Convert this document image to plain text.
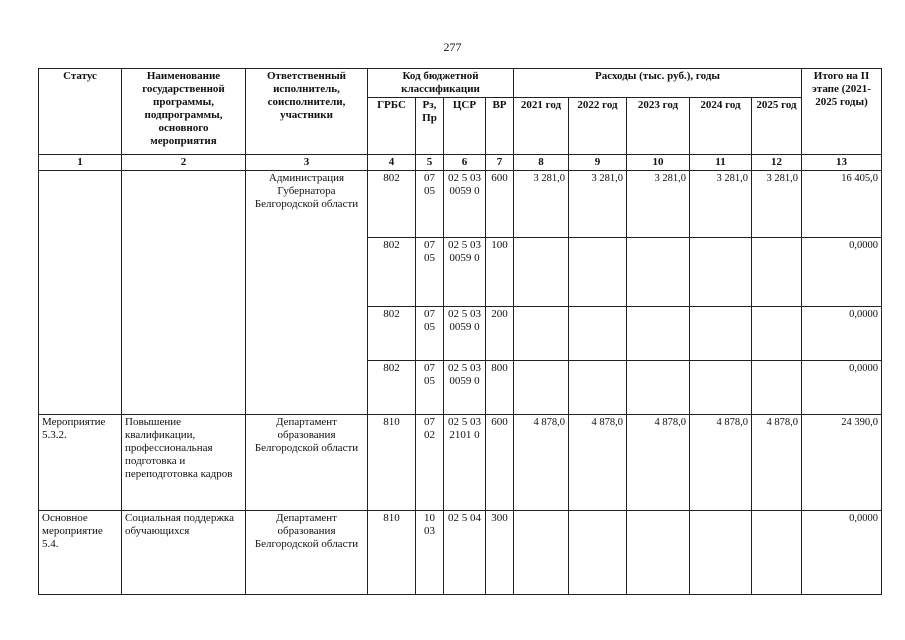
277
Статус	Наименование государственной программы, подпрограммы, основного мероприятия	Ответственный исполнитель, соисполнители, участники	Код бюджетной классификации				Расходы (тыс. руб.), годы					Итого на II этапе (2021-2025 годы)
			ГРБС	Рз, Пр	ЦСР	ВР	2021 год	2022 год	2023 год	2024 год	2025 год	
1	2	3	4	5	6	7	8	9	10	11	12	13
		Администрация Губернатора Белгородской области	802	07 05	02 5 03 0059 0	600	3 281,0	3 281,0	3 281,0	3 281,0	3 281,0	16 405,0
			802	07 05	02 5 03 0059 0	100						0,0000
			802	07 05	02 5 03 0059 0	200						0,0000
			802	07 05	02 5 03 0059 0	800						0,0000
Мероприятие 5.3.2.	Повышение квалификации, профессиональная подготовка и переподготовка кадров	Департамент образования Белгородской области	810	07 02	02 5 03 2101 0	600	4 878,0	4 878,0	4 878,0	4 878,0	4 878,0	24 390,0
Основное мероприятие 5.4.	Социальная поддержка обучающихся	Департамент образования Белгородской области	810	10 03	02 5 04	300						0,0000
